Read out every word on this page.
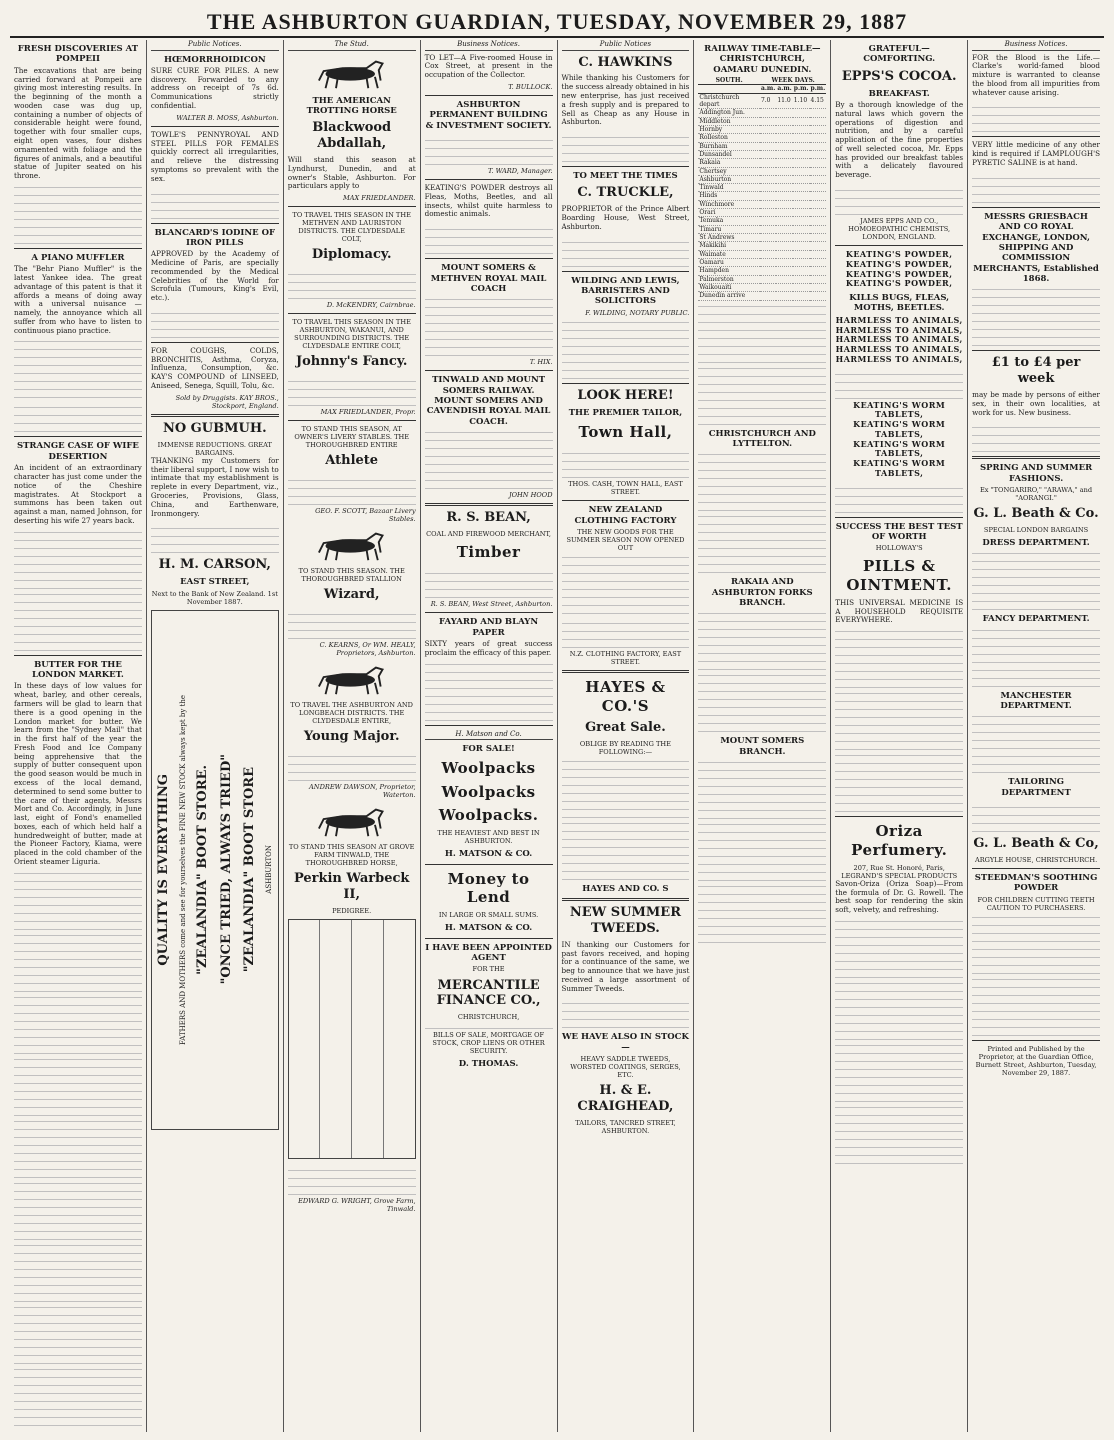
THE ASHBURTON GUARDIAN, TUESDAY, NOVEMBER 29, 1887
FRESH DISCOVERIES AT POMPEII
The excavations that are being carried forward at Pompeii are giving most interesting results. In the beginning of the month a wooden case was dug up, containing a number of objects of considerable height were found, together with four smaller cups, eight open vases, four dishes ornamented with foliage and the figures of animals, and a beautiful statue of Jupiter seated on his throne.
A PIANO MUFFLER
The "Behr Piano Muffler" is the latest Yankee idea. The great advantage of this patent is that it affords a means of doing away with a universal nuisance — namely, the annoyance which all suffer from who have to listen to continuous piano practice.
STRANGE CASE OF WIFE DESERTION
An incident of an extraordinary character has just come under the notice of the Cheshire magistrates. At Stockport a summons has been taken out against a man, named Johnson, for deserting his wife 27 years back.
BUTTER FOR THE LONDON MARKET.
In these days of low values for wheat, barley, and other cereals, farmers will be glad to learn that there is a good opening in the London market for butter. We learn from the "Sydney Mail" that in the first half of the year the Fresh Food and Ice Company being apprehensive that the supply of butter consequent upon the good season would be much in excess of the local demand, determined to send some butter to the care of their agents, Messrs Mort and Co. Accordingly, in June last, eight of Fond's enamelled boxes, each of which held half a hundredweight of butter, made at the Pioneer Factory, Kiama, were placed in the cold chamber of the Orient steamer Liguria.
Public Notices.
HŒMORRHOIDICON
SURE CURE FOR PILES. A new discovery. Forwarded to any address on receipt of 7s 6d. Communications strictly confidential.
WALTER B. MOSS, Ashburton.
TOWLE'S PENNYROYAL AND STEEL PILLS FOR FEMALES quickly correct all irregularities, and relieve the distressing symptoms so prevalent with the sex.
BLANCARD'S IODINE OF IRON PILLS
APPROVED by the Academy of Medicine of Paris, are specially recommended by the Medical Celebrities of the World for Scrofula (Tumours, King's Evil, etc.).
FOR COUGHS, COLDS, BRONCHITIS, Asthma, Coryza, Influenza, Consumption, &c. KAY'S COMPOUND of LINSEED, Aniseed, Senega, Squill, Tolu, &c.
Sold by Druggists. KAY BROS., Stockport, England.
NO GUBMUH.
IMMENSE REDUCTIONS. GREAT BARGAINS.
THANKING my Customers for their liberal support, I now wish to intimate that my establishment is replete in every Department, viz., Groceries, Provisions, Glass, China, and Earthenware, Ironmongery.
H. M. CARSON,
EAST STREET,
Next to the Bank of New Zealand. 1st November 1887.
QUALITY IS EVERYTHING FATHERS AND MOTHERS come and see for yourselves the FINE NEW STOCK always kept by the "ZEALANDIA" BOOT STORE. "ONCE TRIED, ALWAYS TRIED" "ZEALANDIA" BOOT STORE ASHBURTON
The Stud.
THE AMERICAN TROTTING HORSE
Blackwood Abdallah,
Will stand this season at Lyndhurst, Dunedin, and at owner's Stable, Ashburton. For particulars apply to
MAX FRIEDLANDER.
TO TRAVEL THIS SEASON IN THE METHVEN AND LAURISTON DISTRICTS. THE CLYDESDALE COLT,
Diplomacy.
D. McKENDRY, Cairnbrae.
TO TRAVEL THIS SEASON IN THE ASHBURTON, WAKANUI, AND SURROUNDING DISTRICTS. THE CLYDESDALE ENTIRE COLT,
Johnny's Fancy.
MAX FRIEDLANDER, Propr.
TO STAND THIS SEASON, AT OWNER'S LIVERY STABLES. THE THOROUGHBRED ENTIRE
Athlete
GEO. F. SCOTT, Bazaar Livery Stables.
TO STAND THIS SEASON. THE THOROUGHBRED STALLION
Wizard,
C. KEARNS, Or WM. HEALY, Proprietors, Ashburton.
TO TRAVEL THE ASHBURTON AND LONGBEACH DISTRICTS. THE CLYDESDALE ENTIRE,
Young Major.
ANDREW DAWSON, Proprietor, Waterton.
TO STAND THIS SEASON AT GROVE FARM TINWALD, THE THOROUGHBRED HORSE,
Perkin Warbeck II,
PEDIGREE.
EDWARD G. WRIGHT, Grove Farm, Tinwald.
Business Notices.
TO LET—A Five-roomed House in Cox Street, at present in the occupation of the Collector.
T. BULLOCK.
ASHBURTON PERMANENT BUILDING & INVESTMENT SOCIETY.
T. WARD, Manager.
KEATING'S POWDER destroys all Fleas, Moths, Beetles, and all insects, whilst quite harmless to domestic animals.
MOUNT SOMERS & METHVEN ROYAL MAIL COACH
T. HIX.
TINWALD AND MOUNT SOMERS RAILWAY. MOUNT SOMERS AND CAVENDISH ROYAL MAIL COACH.
JOHN HOOD
R. S. BEAN,
COAL AND FIREWOOD MERCHANT,
Timber
R. S. BEAN, West Street, Ashburton.
FAYARD AND BLAYN PAPER
SIXTY years of great success proclaim the efficacy of this paper.
H. Matson and Co.
FOR SALE!
Woolpacks
Woolpacks
Woolpacks.
THE HEAVIEST AND BEST IN ASHBURTON.
H. MATSON & CO.
Money to Lend
IN LARGE OR SMALL SUMS.
H. MATSON & CO.
I HAVE BEEN APPOINTED AGENT
FOR THE
MERCANTILE FINANCE CO.,
CHRISTCHURCH,
BILLS OF SALE, MORTGAGE OF STOCK, CROP LIENS OR OTHER SECURITY.
D. THOMAS.
Public Notices
C. HAWKINS
While thanking his Customers for the success already obtained in his new enterprise, has just received a fresh supply and is prepared to Sell as Cheap as any House in Ashburton.
TO MEET THE TIMES
C. TRUCKLE,
PROPRIETOR of the Prince Albert Boarding House, West Street, Ashburton.
WILDING AND LEWIS, BARRISTERS AND SOLICITORS
F. WILDING, NOTARY PUBLIC.
LOOK HERE!
THE PREMIER TAILOR,
Town Hall,
THOS. CASH, TOWN HALL, EAST STREET.
NEW ZEALAND CLOTHING FACTORY
THE NEW GOODS FOR THE SUMMER SEASON NOW OPENED OUT
N.Z. CLOTHING FACTORY, EAST STREET.
HAYES & CO.'S
Great Sale.
OBLIGE BY READING THE FOLLOWING:—
HAYES AND CO. S
NEW SUMMER TWEEDS.
IN thanking our Customers for past favors received, and hoping for a continuance of the same, we beg to announce that we have just received a large assortment of Summer Tweeds.
WE HAVE ALSO IN STOCK—
HEAVY SADDLE TWEEDS, WORSTED COATINGS, SERGES, ETC.
H. & E. CRAIGHEAD,
TAILORS, TANCRED STREET, ASHBURTON.
RAILWAY TIME-TABLE—CHRISTCHURCH, OAMARU DUNEDIN.
SOUTH.	WEEK DAYS.			
	a.m.	a.m.	p.m.	p.m.
Christchurch depart	7.0	11.0	1.10	4.15
Addington Jun.				
Middleton				
Hornby				
Rolleston				
Burnham				
Dunsandel				
Rakaia				
Chertsey				
Ashburton				
Tinwald				
Hinds				
Winchmore				
Orari				
Temuka				
Timaru				
St Andrews				
Makikihi				
Waimate				
Oamaru				
Hampden				
Palmerston				
Waikouaiti				
Dunedin arrive				
CHRISTCHURCH AND LYTTELTON.
RAKAIA AND ASHBURTON FORKS BRANCH.
MOUNT SOMERS BRANCH.
GRATEFUL—COMFORTING.
EPPS'S COCOA.
BREAKFAST.
By a thorough knowledge of the natural laws which govern the operations of digestion and nutrition, and by a careful application of the fine properties of well selected cocoa, Mr. Epps has provided our breakfast tables with a delicately flavoured beverage.
JAMES EPPS AND CO., HOMOEOPATHIC CHEMISTS, LONDON, ENGLAND.
KEATING'S POWDER,
KEATING'S POWDER,
KEATING'S POWDER,
KEATING'S POWDER,
KILLS BUGS, FLEAS, MOTHS, BEETLES.
HARMLESS TO ANIMALS,
HARMLESS TO ANIMALS,
HARMLESS TO ANIMALS,
HARMLESS TO ANIMALS,
HARMLESS TO ANIMALS,
KEATING'S WORM TABLETS,
KEATING'S WORM TABLETS,
KEATING'S WORM TABLETS,
KEATING'S WORM TABLETS,
SUCCESS THE BEST TEST OF WORTH
HOLLOWAY'S
PILLS & OINTMENT.
THIS UNIVERSAL MEDICINE IS A HOUSEHOLD REQUISITE EVERYWHERE.
Oriza Perfumery.
207, Rue St. Honoré, Paris, LEGRAND'S SPECIAL PRODUCTS
Savon-Oriza (Oriza Soap)—From the formula of Dr. G. Rowell. The best soap for rendering the skin soft, velvety, and refreshing.
Business Notices.
FOR the Blood is the Life.—Clarke's world-famed blood mixture is warranted to cleanse the blood from all impurities from whatever cause arising.
VERY little medicine of any other kind is required if LAMPLOUGH'S PYRETIC SALINE is at hand.
MESSRS GRIESBACH AND CO ROYAL EXCHANGE, LONDON, SHIPPING AND COMMISSION MERCHANTS, Established 1868.
£1 to £4 per week
may be made by persons of either sex, in their own localities, at work for us. New business.
SPRING AND SUMMER FASHIONS.
Ex "TONGARIRO," "ARAWA," and "AORANGI."
G. L. Beath & Co.
SPECIAL LONDON BARGAINS
DRESS DEPARTMENT.
FANCY DEPARTMENT.
MANCHESTER DEPARTMENT.
TAILORING DEPARTMENT
G. L. Beath & Co,
ARGYLE HOUSE, CHRISTCHURCH.
STEEDMAN'S SOOTHING POWDER
FOR CHILDREN CUTTING TEETH
CAUTION TO PURCHASERS.
Printed and Published by the Proprietor, at the Guardian Office, Burnett Street, Ashburton, Tuesday, November 29, 1887.
